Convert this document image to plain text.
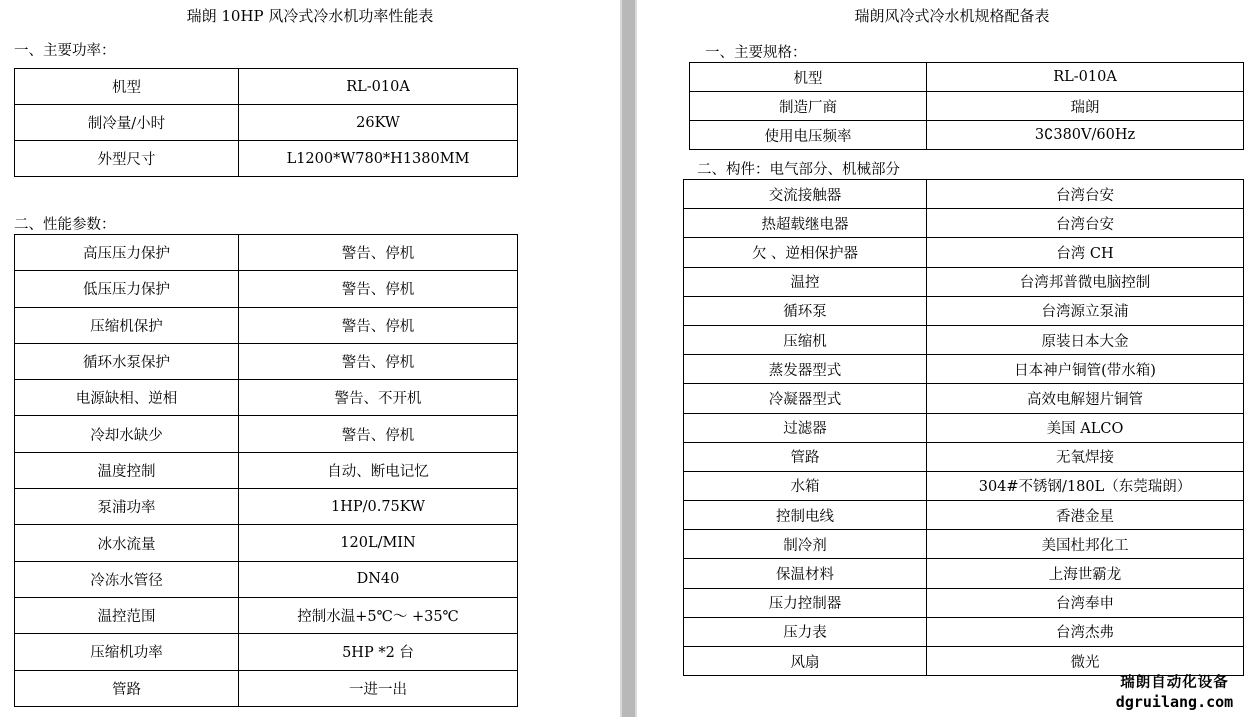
瑞朗 10HP 风冷式冷水机功率性能表
一、主要功率：
机型	RL-010A
制冷量/小时	26KW
外型尺寸	L1200*W780*H1380MM
二、性能参数：
高压压力保护	警告、停机
低压压力保护	警告、停机
压缩机保护	警告、停机
循环水泵保护	警告、停机
电源缺相、逆相	警告、不开机
冷却水缺少	警告、停机
温度控制	自动、断电记忆
泵浦功率	1HP/0.75KW
冰水流量	120L/MIN
冷冻水管径	DN40
温控范围	控制水温+5℃～ +35℃
压缩机功率	5HP *2 台
管路	一进一出
瑞朗风冷式冷水机规格配备表
一、主要规格：
机型	RL-010A
制造厂商	瑞朗
使用电压频率	3∁380V/60Hz
二、构件：电气部分、机械部分
交流接触器	台湾台安
热超载继电器	台湾台安
欠 、逆相保护器	台湾 CH
温控	台湾邦普微电脑控制
循环泵	台湾源立泵浦
压缩机	原装日本大金
蒸发器型式	日本神户铜管(带水箱)
冷凝器型式	高效电解翅片铜管
过滤器	美国 ALCO
管路	无氧焊接
水箱	304#不锈钢/180L（东莞瑞朗）
控制电线	香港金星
制冷剂	美国杜邦化工
保温材料	上海世霸龙
压力控制器	台湾奉申
压力表	台湾杰弗
风扇	微光
瑞朗自动化设备
dgruilang.com
